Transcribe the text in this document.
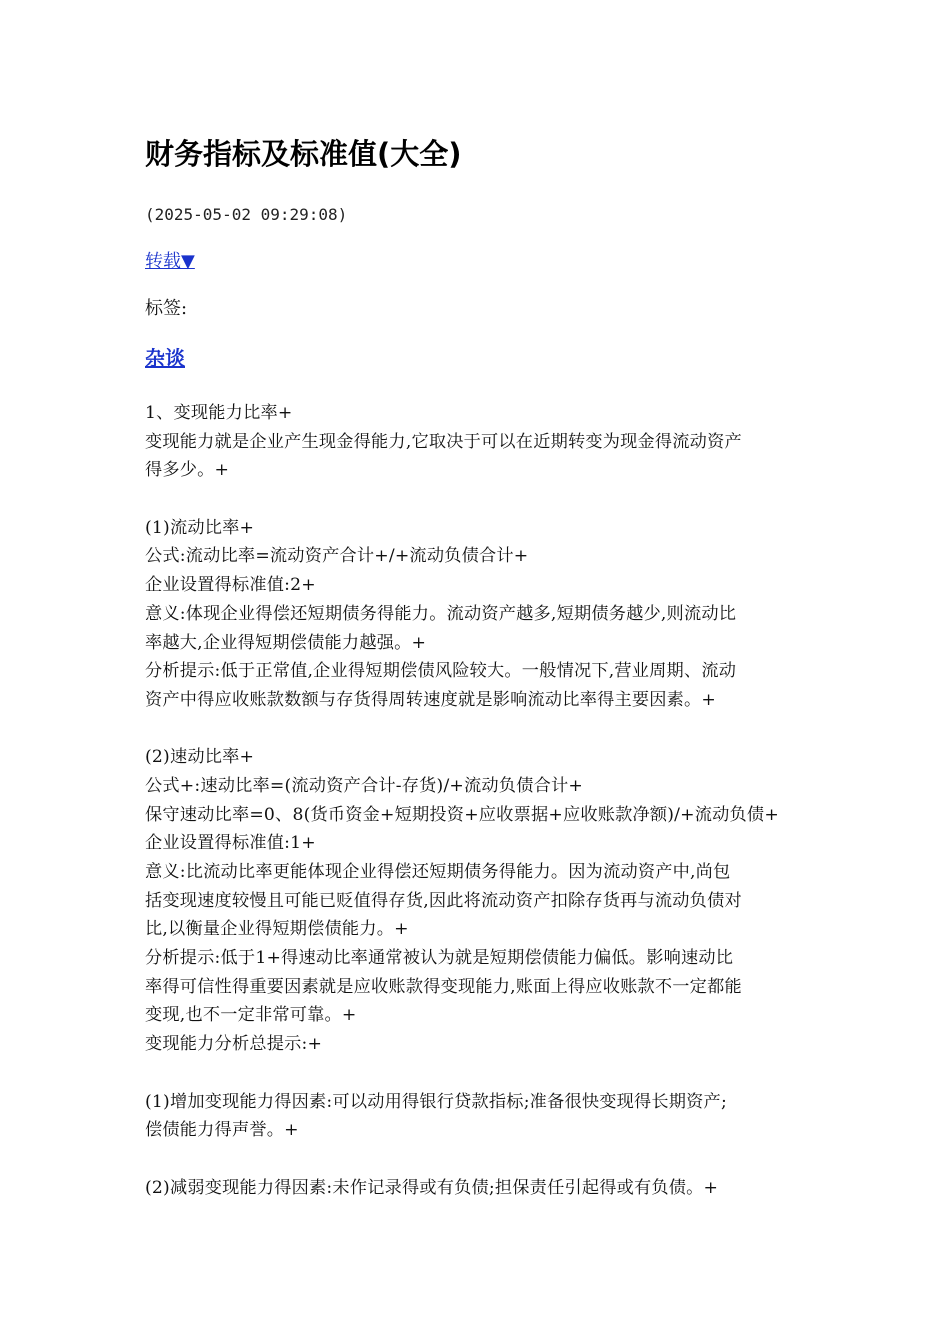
财务指标及标准值(大全)
(2025-05-02 09:29:08)
转载▼
标签:
杂谈
1、变现能力比率+
变现能力就是企业产生现金得能力,它取决于可以在近期转变为现金得流动资产
得多少。+
(1)流动比率+
公式:流动比率=流动资产合计+/+流动负债合计+
企业设置得标准值:2+
意义:体现企业得偿还短期债务得能力。流动资产越多,短期债务越少,则流动比
率越大,企业得短期偿债能力越强。+
分析提示:低于正常值,企业得短期偿债风险较大。一般情况下,营业周期、流动
资产中得应收账款数额与存货得周转速度就是影响流动比率得主要因素。+
(2)速动比率+
公式+:速动比率=(流动资产合计-存货)/+流动负债合计+
保守速动比率=0、8(货币资金+短期投资+应收票据+应收账款净额)/+流动负债+
企业设置得标准值:1+
意义:比流动比率更能体现企业得偿还短期债务得能力。因为流动资产中,尚包
括变现速度较慢且可能已贬值得存货,因此将流动资产扣除存货再与流动负债对
比,以衡量企业得短期偿债能力。+
分析提示:低于1+得速动比率通常被认为就是短期偿债能力偏低。影响速动比
率得可信性得重要因素就是应收账款得变现能力,账面上得应收账款不一定都能
变现,也不一定非常可靠。+
变现能力分析总提示:+
(1)增加变现能力得因素:可以动用得银行贷款指标;准备很快变现得长期资产;
偿债能力得声誉。+
(2)减弱变现能力得因素:未作记录得或有负债;担保责任引起得或有负债。+
